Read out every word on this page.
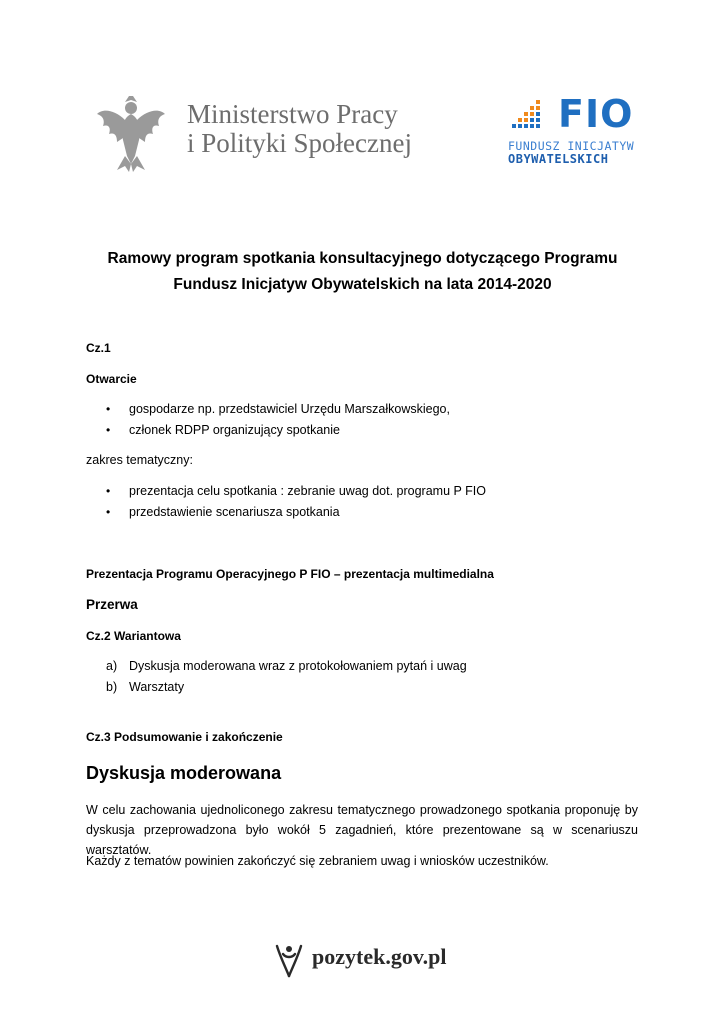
Ministerstwo Pracy
i Polityki Społecznej
FIO
FUNDUSZ INICJATYW
OBYWATELSKICH
Ramowy program spotkania konsultacyjnego dotyczącego Programu
Fundusz Inicjatyw Obywatelskich na lata 2014-2020
Cz.1
Otwarcie
• gospodarze np. przedstawiciel Urzędu Marszałkowskiego,
• członek RDPP organizujący spotkanie
zakres tematyczny:
• prezentacja celu spotkania : zebranie uwag dot. programu P FIO
• przedstawienie scenariusza spotkania
Prezentacja Programu Operacyjnego P FIO – prezentacja multimedialna
Przerwa
Cz.2 Wariantowa
a) Dyskusja moderowana wraz z protokołowaniem pytań i uwag
b) Warsztaty
Cz.3 Podsumowanie i zakończenie
Dyskusja moderowana
W celu zachowania ujednoliconego zakresu tematycznego prowadzonego spotkania proponuję by dyskusja przeprowadzona było wokół 5 zagadnień, które prezentowane są w scenariuszu warsztatów.
Każdy z tematów powinien zakończyć się zebraniem uwag i wniosków uczestników.
pozytek.gov.pl
